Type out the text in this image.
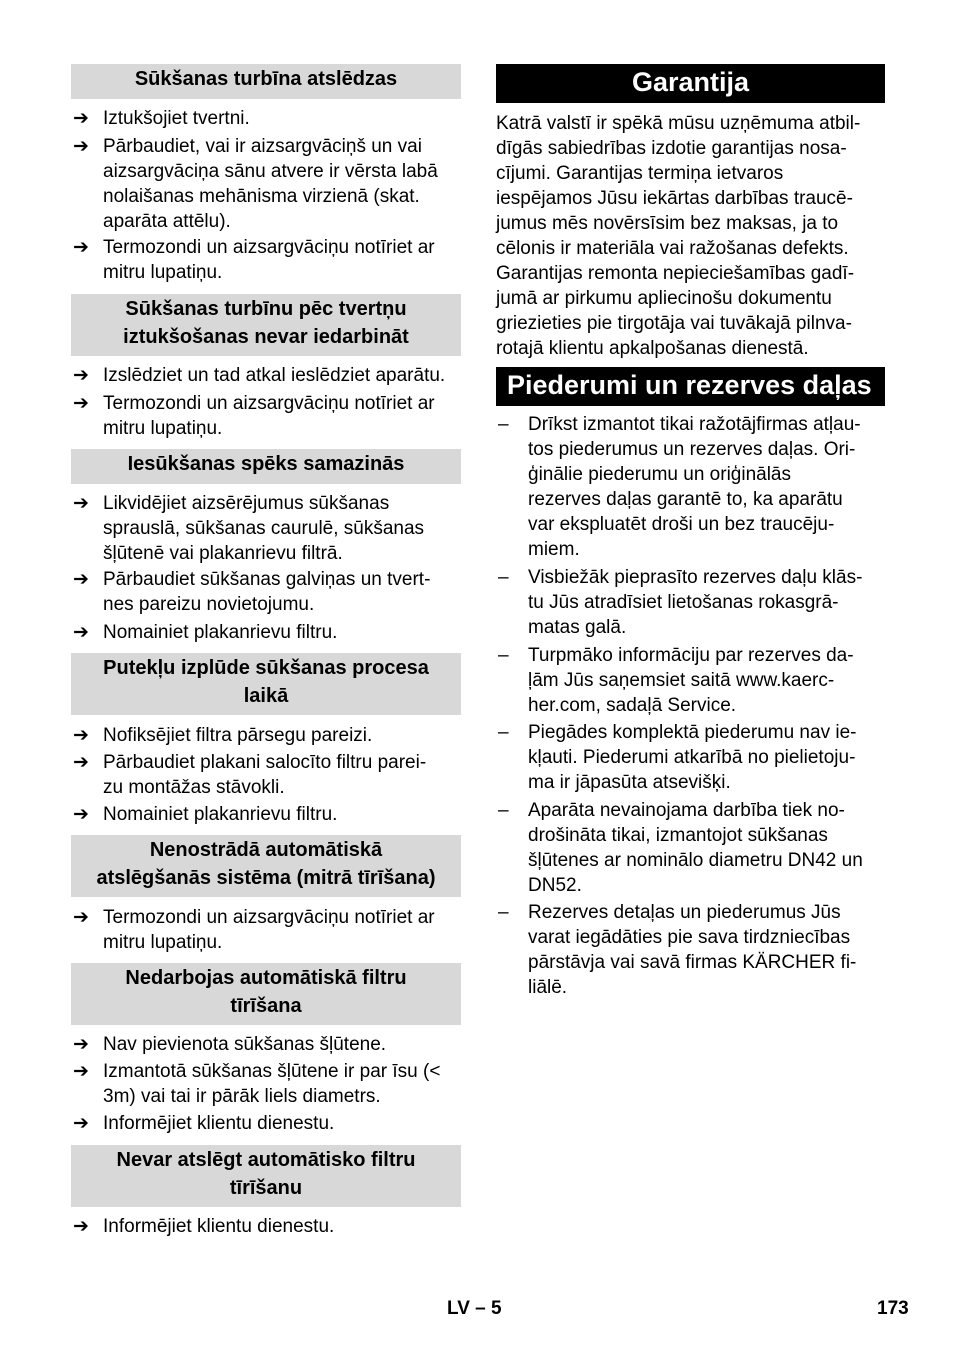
Sūkšanas turbīna atslēdzas
➔ Iztukšojiet tvertni.
➔ Pārbaudiet, vai ir aizsargvāciņš un vai
aizsargvāciņa sānu atvere ir vērsta labā
nolaišanas mehānisma virzienā (skat.
aparāta attēlu).
➔ Termozondi un aizsargvāciņu notīriet ar
mitru lupatiņu.
Sūkšanas turbīnu pēc tvertņu
iztukšošanas nevar iedarbināt
➔ Izslēdziet un tad atkal ieslēdziet aparātu.
➔ Termozondi un aizsargvāciņu notīriet ar
mitru lupatiņu.
Iesūkšanas spēks samazinās
➔ Likvidējiet aizsērējumus sūkšanas
sprauslā, sūkšanas caurulē, sūkšanas
šļūtenē vai plakanrievu filtrā.
➔ Pārbaudiet sūkšanas galviņas un tvert-
nes pareizu novietojumu.
➔ Nomainiet plakanrievu filtru.
Putekļu izplūde sūkšanas procesa
laikā
➔ Nofiksējiet filtra pārsegu pareizi.
➔ Pārbaudiet plakani salocīto filtru parei-
zu montāžas stāvokli.
➔ Nomainiet plakanrievu filtru.
Nenostrādā automātiskā
atslēgšanās sistēma (mitrā tīrīšana)
➔ Termozondi un aizsargvāciņu notīriet ar
mitru lupatiņu.
Nedarbojas automātiskā filtru
tīrīšana
➔ Nav pievienota sūkšanas šļūtene.
➔ Izmantotā sūkšanas šļūtene ir par īsu (<
3m) vai tai ir pārāk liels diametrs.
➔ Informējiet klientu dienestu.
Nevar atslēgt automātisko filtru
tīrīšanu
➔ Informējiet klientu dienestu.
Garantija
Katrā valstī ir spēkā mūsu uzņēmuma atbil-
dīgās sabiedrības izdotie garantijas nosa-
cījumi. Garantijas termiņa ietvaros
iespējamos Jūsu iekārtas darbības traucē-
jumus mēs novērsīsim bez maksas, ja to
cēlonis ir materiāla vai ražošanas defekts.
Garantijas remonta nepieciešamības gadī-
jumā ar pirkumu apliecinošu dokumentu
griezieties pie tirgotāja vai tuvākajā pilnva-
rotajā klientu apkalpošanas dienestā.
Piederumi un rezerves daļas
– Drīkst izmantot tikai ražotājfirmas atļau-
tos piederumus un rezerves daļas. Ori-
ģinālie piederumu un oriģinālās
rezerves daļas garantē to, ka aparātu
var ekspluatēt droši un bez traucēju-
miem.
– Visbiežāk pieprasīto rezerves daļu klās-
tu Jūs atradīsiet lietošanas rokasgrā-
matas galā.
– Turpmāko informāciju par rezerves da-
ļām Jūs saņemsiet saitā www.kaerc-
her.com, sadaļā Service.
– Piegādes komplektā piederumu nav ie-
kļauti. Piederumi atkarībā no pielietoju-
ma ir jāpasūta atsevišķi.
– Aparāta nevainojama darbība tiek no-
drošināta tikai, izmantojot sūkšanas
šļūtenes ar nominālo diametru DN42 un
DN52.
– Rezerves detaļas un piederumus Jūs
varat iegādāties pie sava tirdzniecības
pārstāvja vai savā firmas KÄRCHER fi-
liālē.
LV – 5	173
